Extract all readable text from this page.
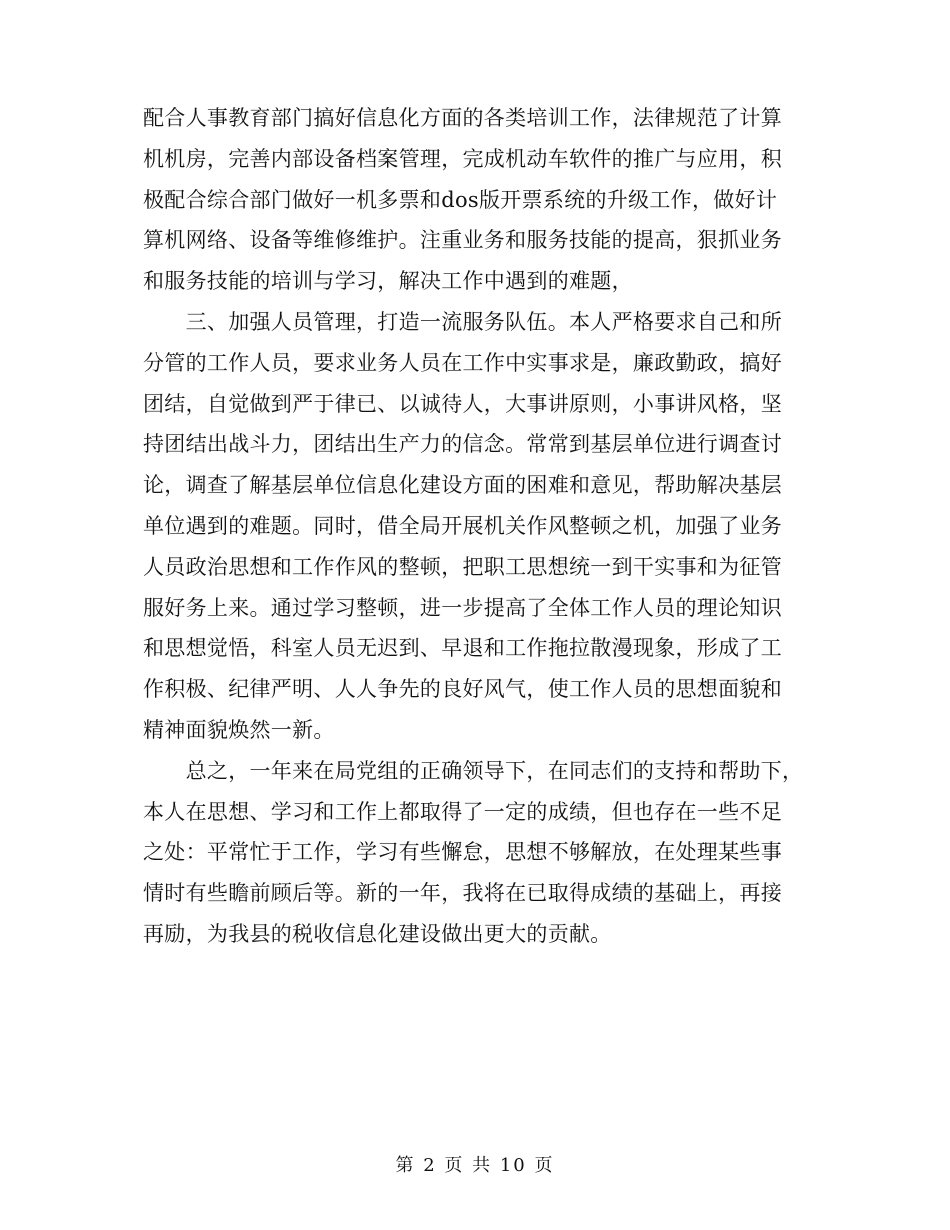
配合人事教育部门搞好信息化方面的各类培训工作，法律规范了计算
机机房，完善内部设备档案管理，完成机动车软件的推广与应用，积
极配合综合部门做好一机多票和dos版开票系统的升级工作，做好计
算机网络、设备等维修维护。注重业务和服务技能的提高，狠抓业务
和服务技能的培训与学习，解决工作中遇到的难题，
　　三、加强人员管理，打造一流服务队伍。本人严格要求自己和所
分管的工作人员，要求业务人员在工作中实事求是，廉政勤政，搞好
团结，自觉做到严于律已、以诚待人，大事讲原则，小事讲风格，坚
持团结出战斗力，团结出生产力的信念。常常到基层单位进行调查讨
论，调查了解基层单位信息化建设方面的困难和意见，帮助解决基层
单位遇到的难题。同时，借全局开展机关作风整顿之机，加强了业务
人员政治思想和工作作风的整顿，把职工思想统一到干实事和为征管
服好务上来。通过学习整顿，进一步提高了全体工作人员的理论知识
和思想觉悟，科室人员无迟到、早退和工作拖拉散漫现象，形成了工
作积极、纪律严明、人人争先的良好风气，使工作人员的思想面貌和
精神面貌焕然一新。
　　总之，一年来在局党组的正确领导下，在同志们的支持和帮助下，
本人在思想、学习和工作上都取得了一定的成绩，但也存在一些不足
之处：平常忙于工作，学习有些懈怠，思想不够解放，在处理某些事
情时有些瞻前顾后等。新的一年，我将在已取得成绩的基础上，再接
再励，为我县的税收信息化建设做出更大的贡献。
第 2 页 共 10 页
